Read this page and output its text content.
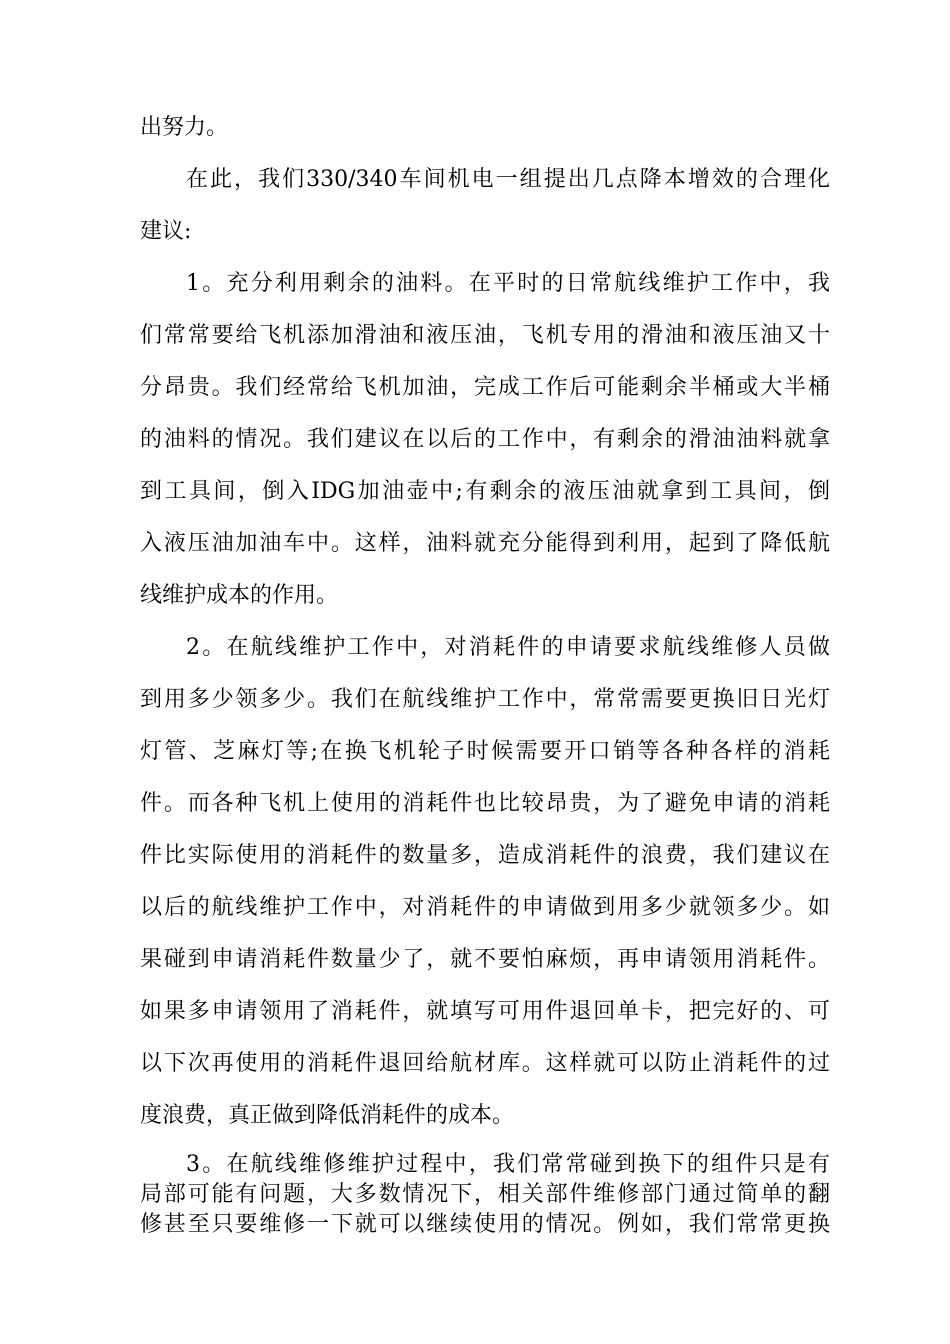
出努力。
在此，我们330/340车间机电一组提出几点降本增效的合理化
建议:
1。充分利用剩余的油料。在平时的日常航线维护工作中，我
们常常要给飞机添加滑油和液压油，飞机专用的滑油和液压油又十
分昂贵。我们经常给飞机加油，完成工作后可能剩余半桶或大半桶
的油料的情况。我们建议在以后的工作中，有剩余的滑油油料就拿
到工具间，倒入IDG加油壶中;有剩余的液压油就拿到工具间，倒
入液压油加油车中。这样，油料就充分能得到利用，起到了降低航
线维护成本的作用。
2。在航线维护工作中，对消耗件的申请要求航线维修人员做
到用多少领多少。我们在航线维护工作中，常常需要更换旧日光灯
灯管、芝麻灯等;在换飞机轮子时候需要开口销等各种各样的消耗
件。而各种飞机上使用的消耗件也比较昂贵，为了避免申请的消耗
件比实际使用的消耗件的数量多，造成消耗件的浪费，我们建议在
以后的航线维护工作中，对消耗件的申请做到用多少就领多少。如
果碰到申请消耗件数量少了，就不要怕麻烦，再申请领用消耗件。
如果多申请领用了消耗件，就填写可用件退回单卡，把完好的、可
以下次再使用的消耗件退回给航材库。这样就可以防止消耗件的过
度浪费，真正做到降低消耗件的成本。
3。在航线维修维护过程中，我们常常碰到换下的组件只是有
局部可能有问题，大多数情况下，相关部件维修部门通过简单的翻
修甚至只要维修一下就可以继续使用的情况。例如，我们常常更换
